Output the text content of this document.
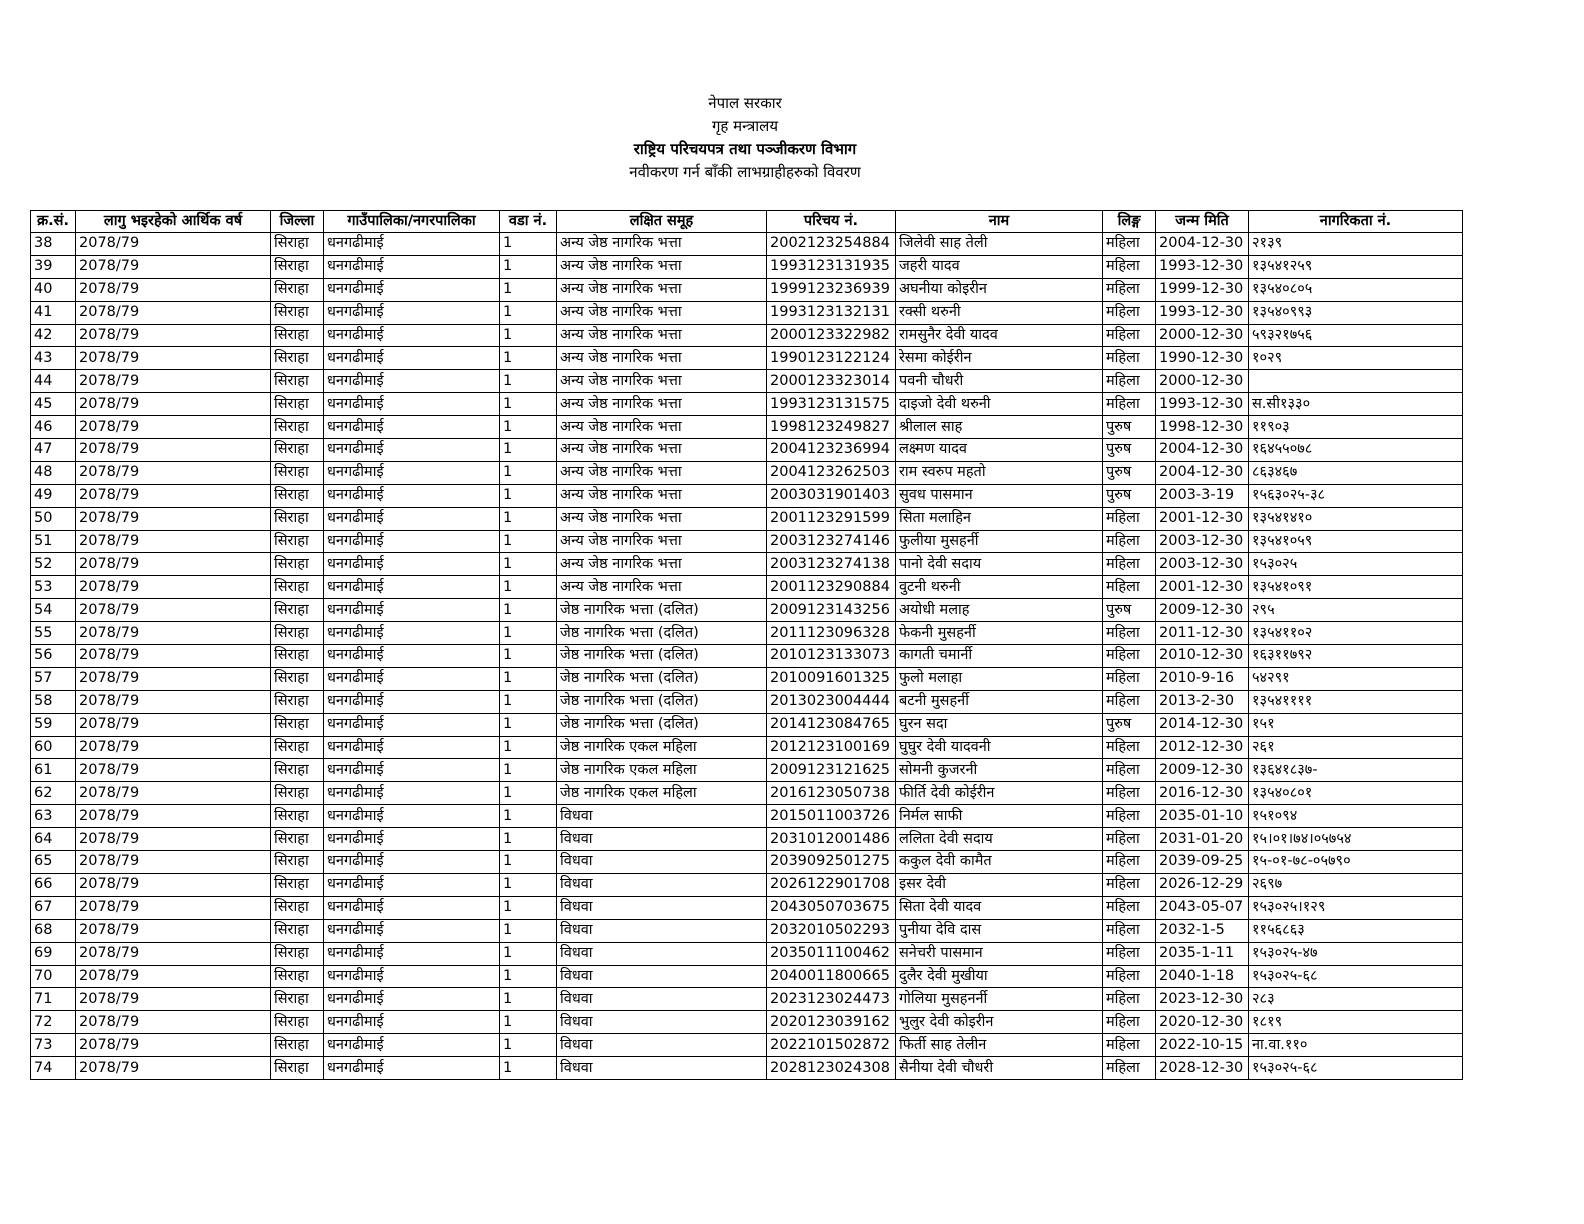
नेपाल सरकार
गृह मन्त्रालय
राष्ट्रिय परिचयपत्र तथा पञ्जीकरण विभाग
नवीकरण गर्न बाँकी लाभग्राहीहरुको विवरण
क्र.सं.	लागु भइरहेको आर्थिक वर्ष	जिल्ला	गाउँपालिका/नगरपालिका	वडा नं.	लक्षित समूह	परिचय नं.	नाम	लिङ्ग	जन्म मिति	नागरिकता नं.
38	2078/79	सिराहा	धनगढीमाई	1	अन्य जेष्ठ नागरिक भत्ता	2002123254884	जिलेवी साह तेली	महिला	2004-12-30	२१३९
39	2078/79	सिराहा	धनगढीमाई	1	अन्य जेष्ठ नागरिक भत्ता	1993123131935	जहरी यादव	महिला	1993-12-30	१३५४१२५९
40	2078/79	सिराहा	धनगढीमाई	1	अन्य जेष्ठ नागरिक भत्ता	1999123236939	अघनीया कोइरीन	महिला	1999-12-30	१३५४०८०५
41	2078/79	सिराहा	धनगढीमाई	1	अन्य जेष्ठ नागरिक भत्ता	1993123132131	रक्सी थरुनी	महिला	1993-12-30	१३५४०९९३
42	2078/79	सिराहा	धनगढीमाई	1	अन्य जेष्ठ नागरिक भत्ता	2000123322982	रामसुनैर देवी यादव	महिला	2000-12-30	५९३२१७५६
43	2078/79	सिराहा	धनगढीमाई	1	अन्य जेष्ठ नागरिक भत्ता	1990123122124	रेसमा कोईरीन	महिला	1990-12-30	१०२९
44	2078/79	सिराहा	धनगढीमाई	1	अन्य जेष्ठ नागरिक भत्ता	2000123323014	पवनी चौधरी	महिला	2000-12-30	
45	2078/79	सिराहा	धनगढीमाई	1	अन्य जेष्ठ नागरिक भत्ता	1993123131575	दाइजो देवी थरुनी	महिला	1993-12-30	स.सी१३३०
46	2078/79	सिराहा	धनगढीमाई	1	अन्य जेष्ठ नागरिक भत्ता	1998123249827	श्रीलाल साह	पुरुष	1998-12-30	११९०३
47	2078/79	सिराहा	धनगढीमाई	1	अन्य जेष्ठ नागरिक भत्ता	2004123236994	लक्ष्मण यादव	पुरुष	2004-12-30	१६४५५०७८
48	2078/79	सिराहा	धनगढीमाई	1	अन्य जेष्ठ नागरिक भत्ता	2004123262503	राम स्वरुप महतो	पुरुष	2004-12-30	८६३४६७
49	2078/79	सिराहा	धनगढीमाई	1	अन्य जेष्ठ नागरिक भत्ता	2003031901403	सुवध पासमान	पुरुष	2003-3-19	१५६३०२५-३८
50	2078/79	सिराहा	धनगढीमाई	1	अन्य जेष्ठ नागरिक भत्ता	2001123291599	सिता मलाहिन	महिला	2001-12-30	१३५४१४१०
51	2078/79	सिराहा	धनगढीमाई	1	अन्य जेष्ठ नागरिक भत्ता	2003123274146	फुलीया मुसहर्नी	महिला	2003-12-30	१३५४१०५९
52	2078/79	सिराहा	धनगढीमाई	1	अन्य जेष्ठ नागरिक भत्ता	2003123274138	पानो देवी सदाय	महिला	2003-12-30	१५३०२५
53	2078/79	सिराहा	धनगढीमाई	1	अन्य जेष्ठ नागरिक भत्ता	2001123290884	वुटनी थरुनी	महिला	2001-12-30	१३५४१०९१
54	2078/79	सिराहा	धनगढीमाई	1	जेष्ठ नागरिक भत्ता (दलित)	2009123143256	अयोधी मलाह	पुरुष	2009-12-30	२९५
55	2078/79	सिराहा	धनगढीमाई	1	जेष्ठ नागरिक भत्ता (दलित)	2011123096328	फेकनी मुसहर्नी	महिला	2011-12-30	१३५४११०२
56	2078/79	सिराहा	धनगढीमाई	1	जेष्ठ नागरिक भत्ता (दलित)	2010123133073	कागती चमार्नी	महिला	2010-12-30	१६३११७९२
57	2078/79	सिराहा	धनगढीमाई	1	जेष्ठ नागरिक भत्ता (दलित)	2010091601325	फुलो मलाहा	महिला	2010-9-16	५४२९१
58	2078/79	सिराहा	धनगढीमाई	1	जेष्ठ नागरिक भत्ता (दलित)	2013023004444	बटनी मुसहर्नी	महिला	2013-2-30	१३५४११११
59	2078/79	सिराहा	धनगढीमाई	1	जेष्ठ नागरिक भत्ता (दलित)	2014123084765	घुरन सदा	पुरुष	2014-12-30	१५१
60	2078/79	सिराहा	धनगढीमाई	1	जेष्ठ नागरिक एकल महिला	2012123100169	घुघुर देवी यादवनी	महिला	2012-12-30	२६१
61	2078/79	सिराहा	धनगढीमाई	1	जेष्ठ नागरिक एकल महिला	2009123121625	सोमनी कुजरनी	महिला	2009-12-30	१३६४१८३७-
62	2078/79	सिराहा	धनगढीमाई	1	जेष्ठ नागरिक एकल महिला	2016123050738	फीर्ति देवी कोईरीन	महिला	2016-12-30	१३५४०८०१
63	2078/79	सिराहा	धनगढीमाई	1	विधवा	2015011003726	निर्मल साफी	महिला	2035-01-10	१५१०९४
64	2078/79	सिराहा	धनगढीमाई	1	विधवा	2031012001486	ललिता देवी सदाय	महिला	2031-01-20	१५।०१।७४।०५७५४
65	2078/79	सिराहा	धनगढीमाई	1	विधवा	2039092501275	ककुल देवी कामैत	महिला	2039-09-25	१५-०१-७८-०५७९०
66	2078/79	सिराहा	धनगढीमाई	1	विधवा	2026122901708	इसर देवी	महिला	2026-12-29	२६९७
67	2078/79	सिराहा	धनगढीमाई	1	विधवा	2043050703675	सिता देवी यादव	महिला	2043-05-07	१५३०२५।१२९
68	2078/79	सिराहा	धनगढीमाई	1	विधवा	2032010502293	पुनीया देवि दास	महिला	2032-1-5	११५६८६३
69	2078/79	सिराहा	धनगढीमाई	1	विधवा	2035011100462	सनेचरी पासमान	महिला	2035-1-11	१५३०२५-४७
70	2078/79	सिराहा	धनगढीमाई	1	विधवा	2040011800665	दुलैर देवी मुखीया	महिला	2040-1-18	१५३०२५-६८
71	2078/79	सिराहा	धनगढीमाई	1	विधवा	2023123024473	गोलिया मुसहनर्नी	महिला	2023-12-30	२८३
72	2078/79	सिराहा	धनगढीमाई	1	विधवा	2020123039162	भुलुर देवी कोइरीन	महिला	2020-12-30	१८१९
73	2078/79	सिराहा	धनगढीमाई	1	विधवा	2022101502872	फिर्ती साह तेलीन	महिला	2022-10-15	ना.वा.११०
74	2078/79	सिराहा	धनगढीमाई	1	विधवा	2028123024308	सैनीया देवी चौधरी	महिला	2028-12-30	१५३०२५-६८
